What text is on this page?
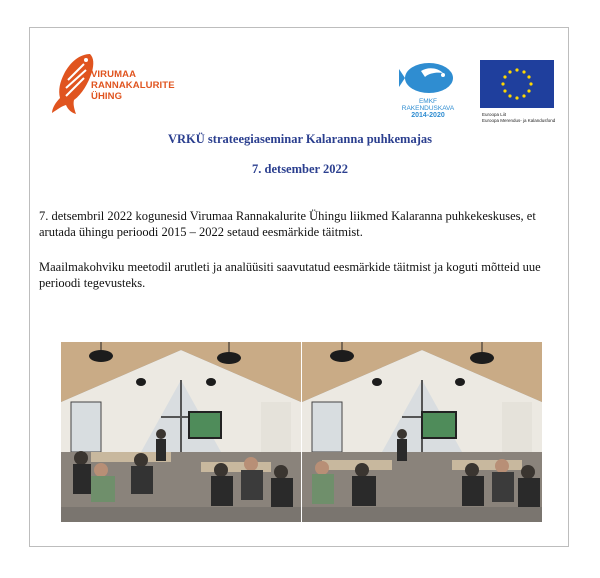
VIRUMAA
RANNAKALURITE
ÜHING	EMKF
RAKENDUSKAVA
2014-2020	Euroopa Liit
Euroopa Merendus- ja Kalandusfond
VRKÜ strateegiaseminar Kalaranna puhkemajas
7. detsember 2022
7. detsembril 2022 kogunesid Virumaa Rannakalurite Ühingu liikmed Kalaranna puhkekeskuses, et arutada ühingu perioodi 2015 – 2022 setaud eesmärkide täitmist.
Maailmakohviku meetodil arutleti ja analüüsiti saavutatud eesmärkide täitmist ja koguti mõtteid uue perioodi tegevusteks.
